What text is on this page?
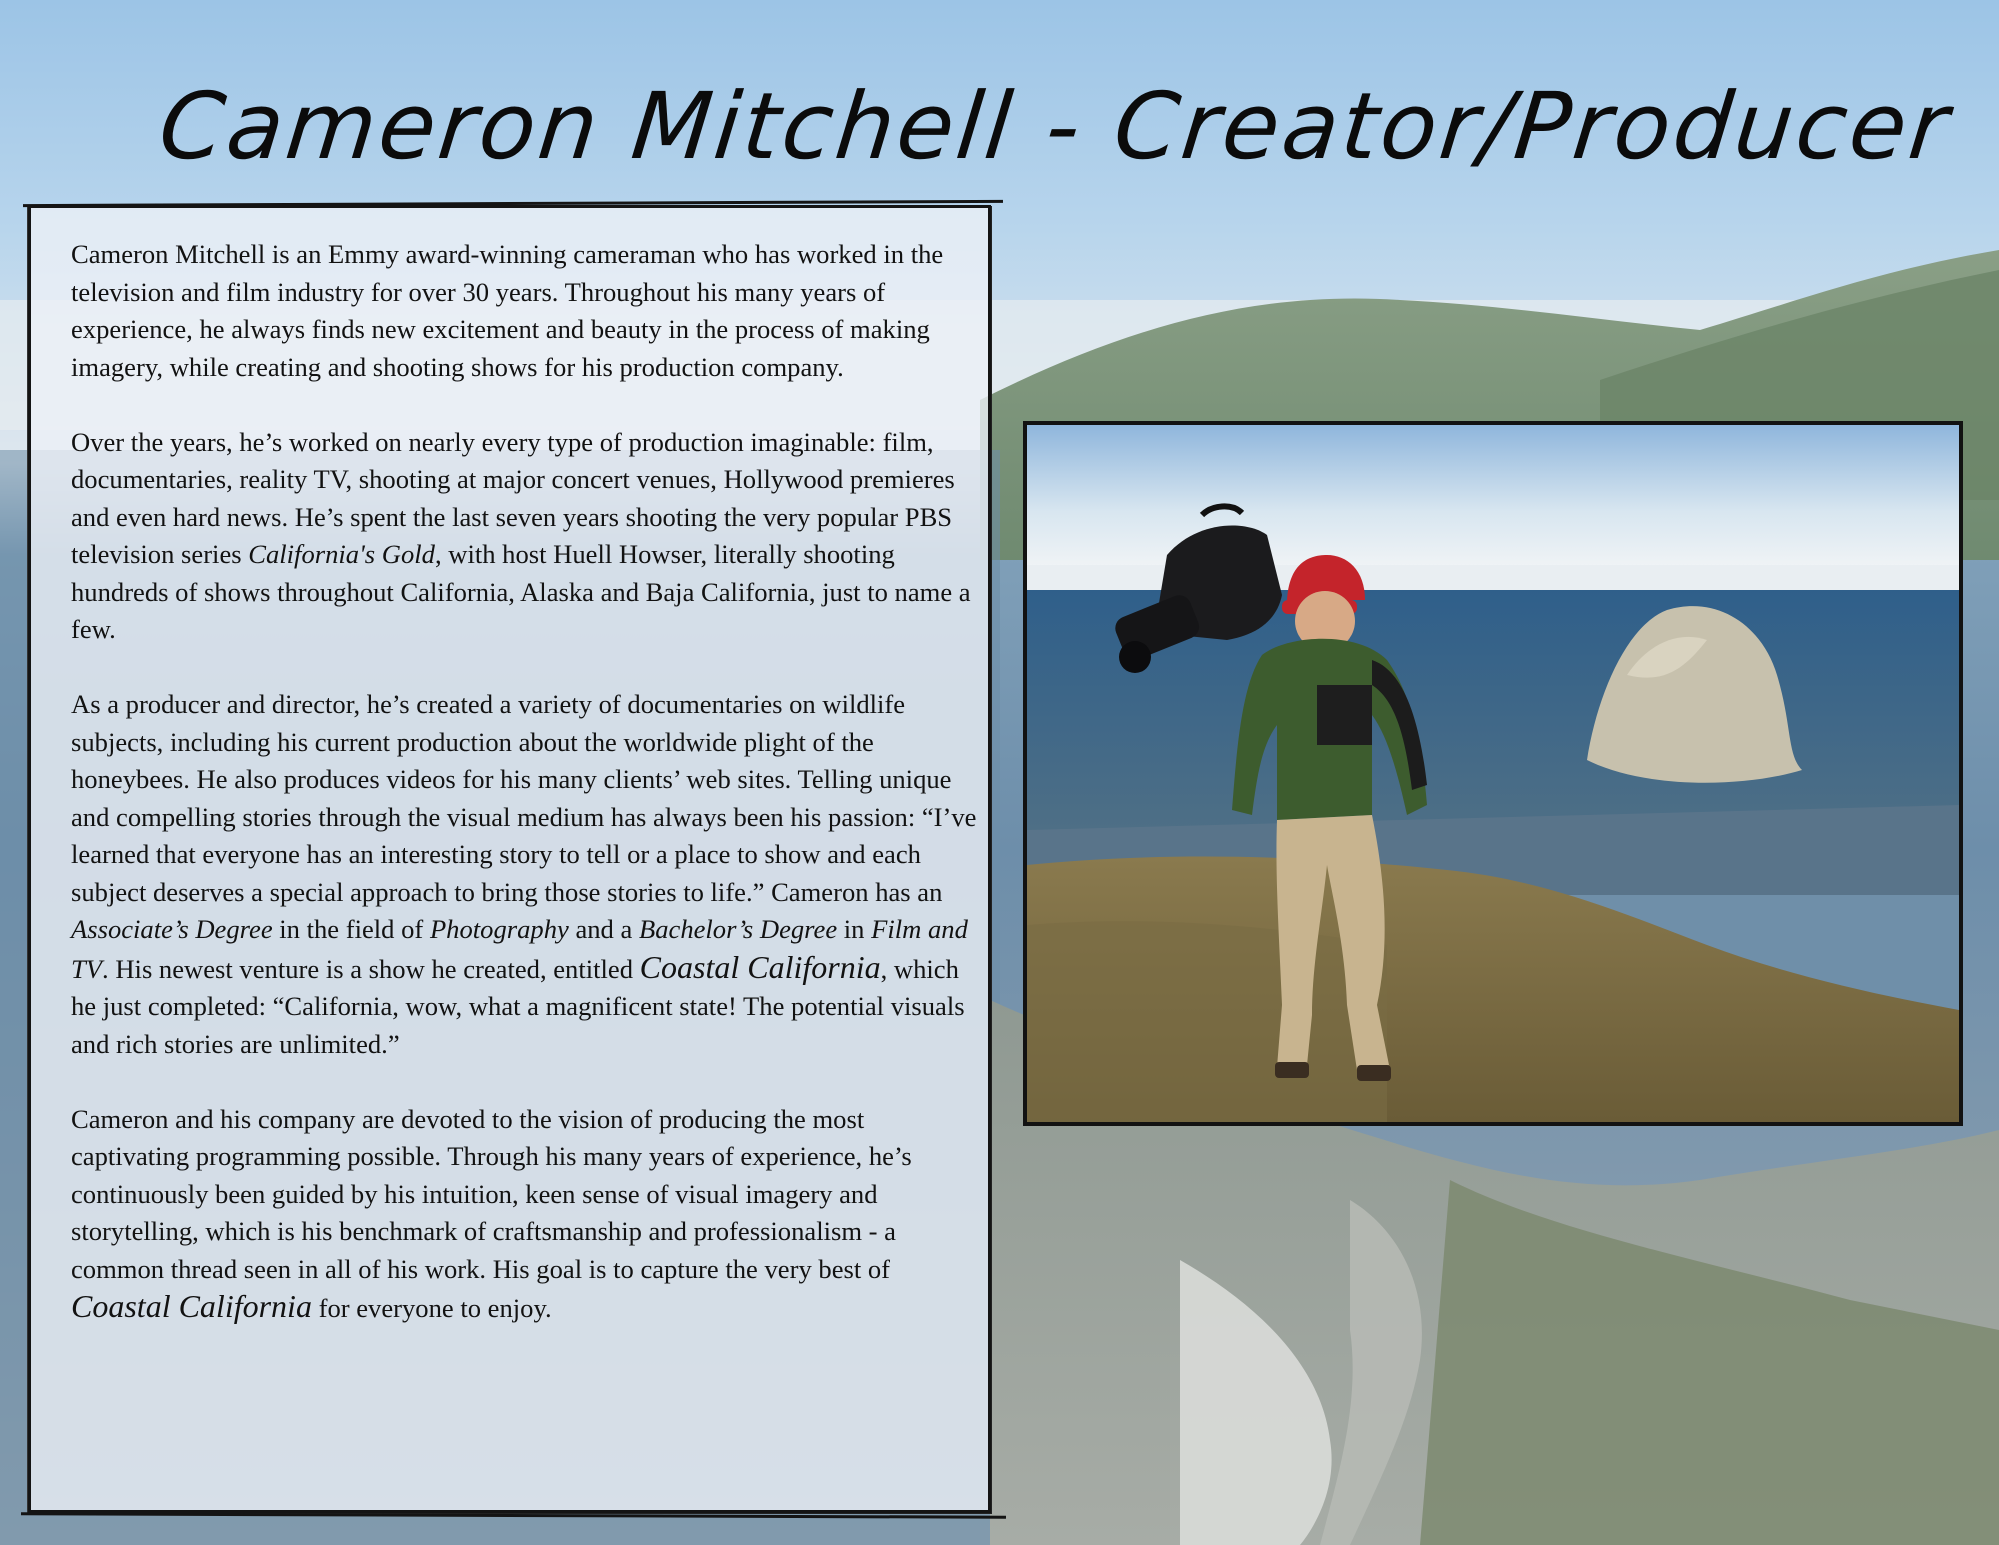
Cameron Mitchell - Creator/Producer

Cameron Mitchell is an Emmy award-winning cameraman who has worked in the television and film industry for over 30 years. Throughout his many years of experience, he always finds new excitement and beauty in the process of making imagery, while creating and shooting shows for his production company.

Over the years, he’s worked on nearly every type of production imaginable: film, documentaries, reality TV, shooting at major concert venues, Hollywood premieres and even hard news. He’s spent the last seven years shooting the very popular PBS television series California's Gold, with host Huell Howser, literally shooting hundreds of shows throughout California, Alaska and Baja California, just to name a few.

As a producer and director, he’s created a variety of documentaries on wildlife subjects, including his current production about the worldwide plight of the honeybees. He also produces videos for his many clients’ web sites. Telling unique and compelling stories through the visual medium has always been his passion: “I’ve learned that everyone has an interesting story to tell or a place to show and each subject deserves a special approach to bring those stories to life.” Cameron has an Associate’s Degree in the field of Photography and a Bachelor’s Degree in Film and TV. His newest venture is a show he created, entitled Coastal California, which he just completed: “California, wow, what a magnificent state! The potential visuals and rich stories are unlimited.”

Cameron and his company are devoted to the vision of producing the most captivating programming possible. Through his many years of experience, he’s continuously been guided by his intuition, keen sense of visual imagery and storytelling, which is his benchmark of craftsmanship and professionalism - a common thread seen in all of his work. His goal is to capture the very best of Coastal California for everyone to enjoy.
